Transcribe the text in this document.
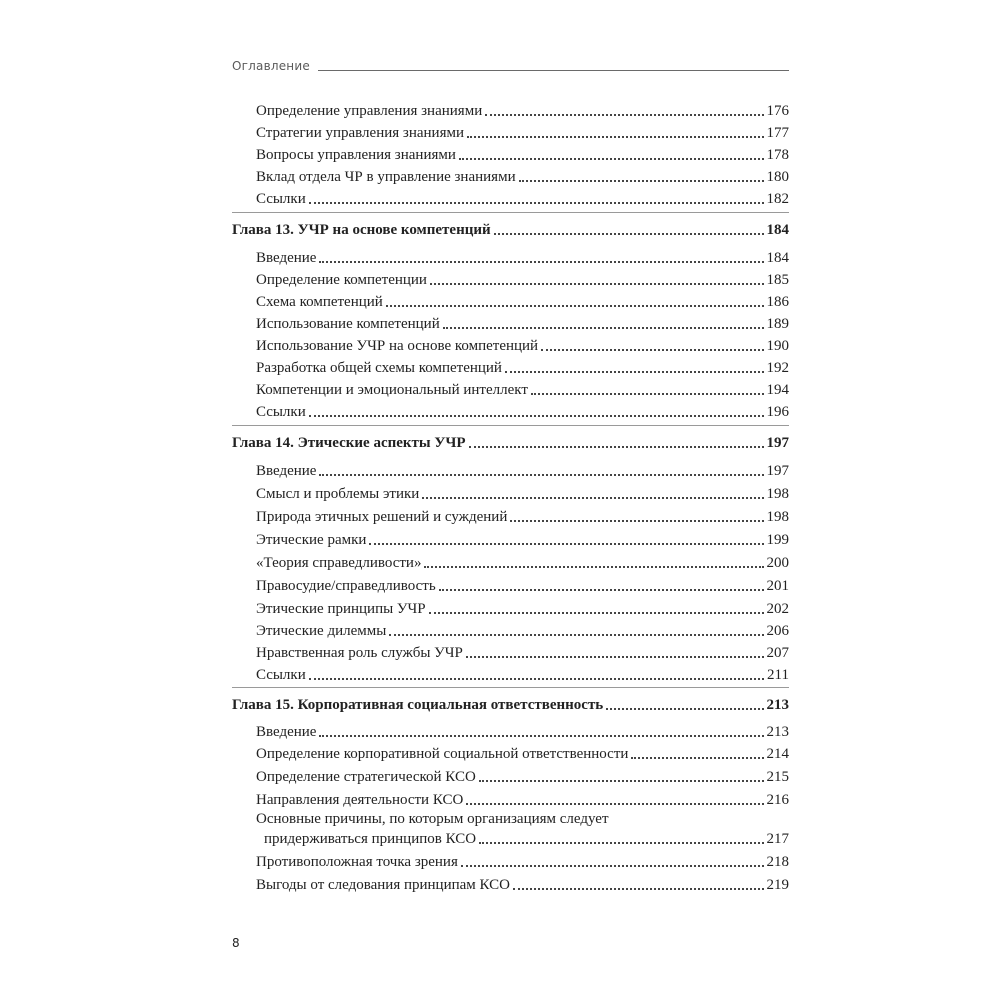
Оглавление
Определение управления знаниями	176
Стратегии управления знаниями	177
Вопросы управления знаниями	178
Вклад отдела ЧР в управление знаниями	180
Ссылки	182
Глава 13. УЧР на основе компетенций	184
Введение	184
Определение компетенции	185
Схема компетенций	186
Использование компетенций	189
Использование УЧР на основе компетенций	190
Разработка общей схемы компетенций	192
Компетенции и эмоциональный интеллект	194
Ссылки	196
Глава 14. Этические аспекты УЧР	197
Введение	197
Смысл и проблемы этики	198
Природа этичных решений и суждений	198
Этические рамки	199
«Теория справедливости»	200
Правосудие/справедливость	201
Этические принципы УЧР	202
Этические дилеммы	206
Нравственная роль службы УЧР	207
Ссылки	211
Глава 15. Корпоративная социальная ответственность	213
Введение	213
Определение корпоративной социальной ответственности	214
Определение стратегической КСО	215
Направления деятельности КСО	216
Основные причины, по которым организациям следует
придерживаться принципов КСО	217
Противоположная точка зрения	218
Выгоды от следования принципам КСО	219
8
